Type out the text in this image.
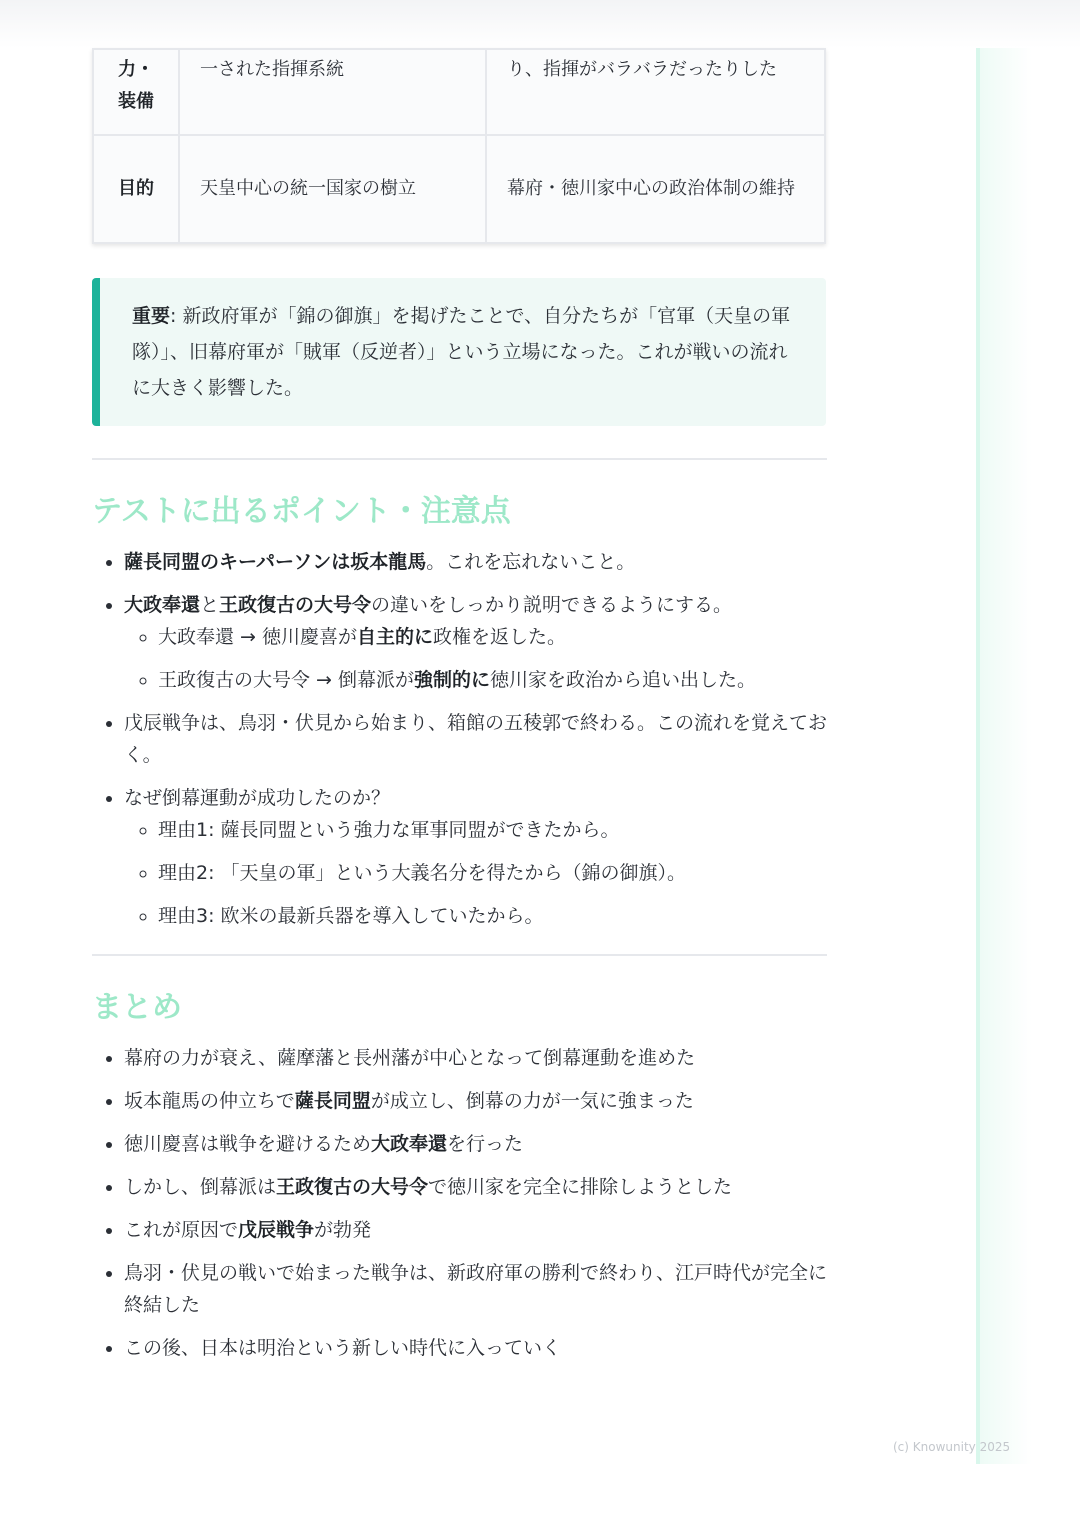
力・装備	一された指揮系統	り、指揮がバラバラだったりした
目的	天皇中心の統一国家の樹立	幕府・徳川家中心の政治体制の維持
重要: 新政府軍が「錦の御旗」を掲げたことで、自分たちが「官軍（天皇の軍隊）」、旧幕府軍が「賊軍（反逆者）」という立場になった。これが戦いの流れに大きく影響した。
テストに出るポイント・注意点
• 薩長同盟のキーパーソンは坂本龍馬。これを忘れないこと。
• 大政奉還と王政復古の大号令の違いをしっかり説明できるようにする。
◦ 大政奉還 → 徳川慶喜が自主的に政権を返した。
◦ 王政復古の大号令 → 倒幕派が強制的に徳川家を政治から追い出した。
• 戊辰戦争は、鳥羽・伏見から始まり、箱館の五稜郭で終わる。この流れを覚えておく。
• なぜ倒幕運動が成功したのか？
◦ 理由1: 薩長同盟という強力な軍事同盟ができたから。
◦ 理由2: 「天皇の軍」という大義名分を得たから（錦の御旗）。
◦ 理由3: 欧米の最新兵器を導入していたから。
まとめ
• 幕府の力が衰え、薩摩藩と長州藩が中心となって倒幕運動を進めた
• 坂本龍馬の仲立ちで薩長同盟が成立し、倒幕の力が一気に強まった
• 徳川慶喜は戦争を避けるため大政奉還を行った
• しかし、倒幕派は王政復古の大号令で徳川家を完全に排除しようとした
• これが原因で戊辰戦争が勃発
• 鳥羽・伏見の戦いで始まった戦争は、新政府軍の勝利で終わり、江戸時代が完全に終結した
• この後、日本は明治という新しい時代に入っていく
(c) Knowunity 2025
